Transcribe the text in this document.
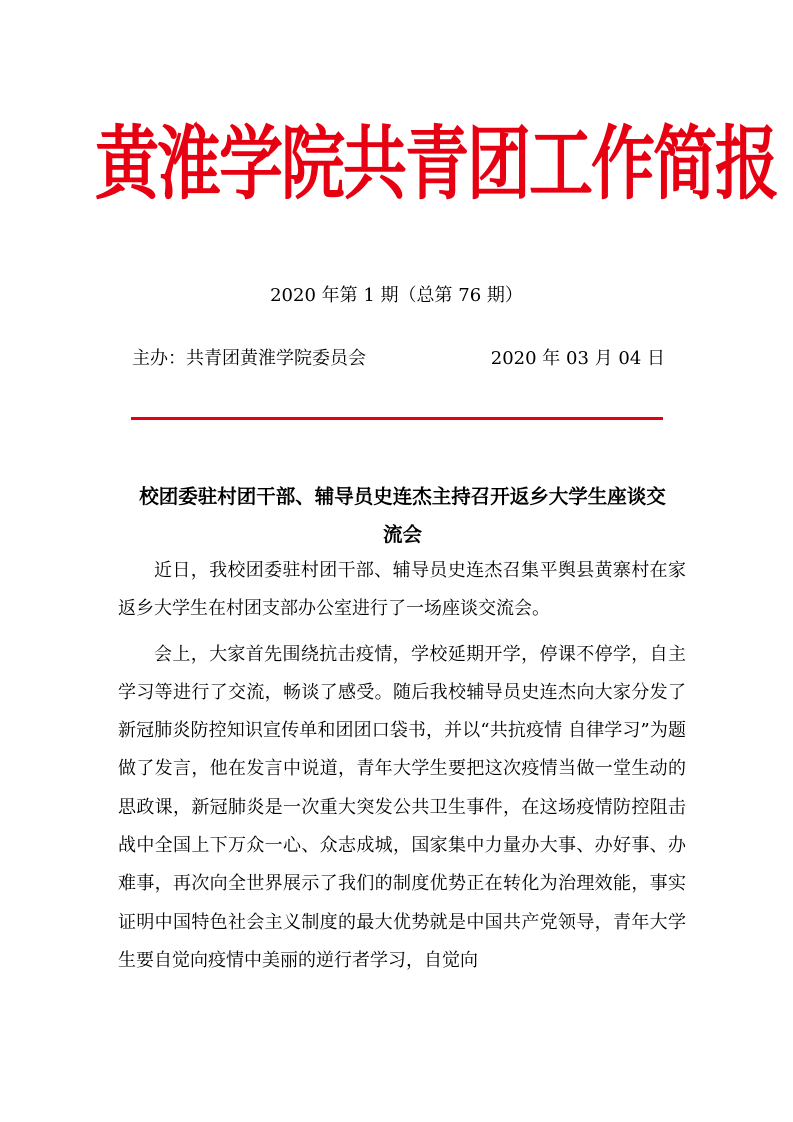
黄淮学院共青团工作简报
2020 年第 1 期（总第 76 期）
主办：共青团黄淮学院委员会	2020 年 03 月 04 日
校团委驻村团干部、辅导员史连杰主持召开返乡大学生座谈交流会

近日，我校团委驻村团干部、辅导员史连杰召集平舆县黄寨村在家返乡大学生在村团支部办公室进行了一场座谈交流会。

会上，大家首先围绕抗击疫情，学校延期开学，停课不停学，自主学习等进行了交流，畅谈了感受。随后我校辅导员史连杰向大家分发了新冠肺炎防控知识宣传单和团团口袋书，并以“共抗疫情 自律学习”为题做了发言，他在发言中说道，青年大学生要把这次疫情当做一堂生动的思政课，新冠肺炎是一次重大突发公共卫生事件，在这场疫情防控阻击战中全国上下万众一心、众志成城，国家集中力量办大事、办好事、办难事，再次向全世界展示了我们的制度优势正在转化为治理效能，事实证明中国特色社会主义制度的最大优势就是中国共产党领导，青年大学生要自觉向疫情中美丽的逆行者学习，自觉向
